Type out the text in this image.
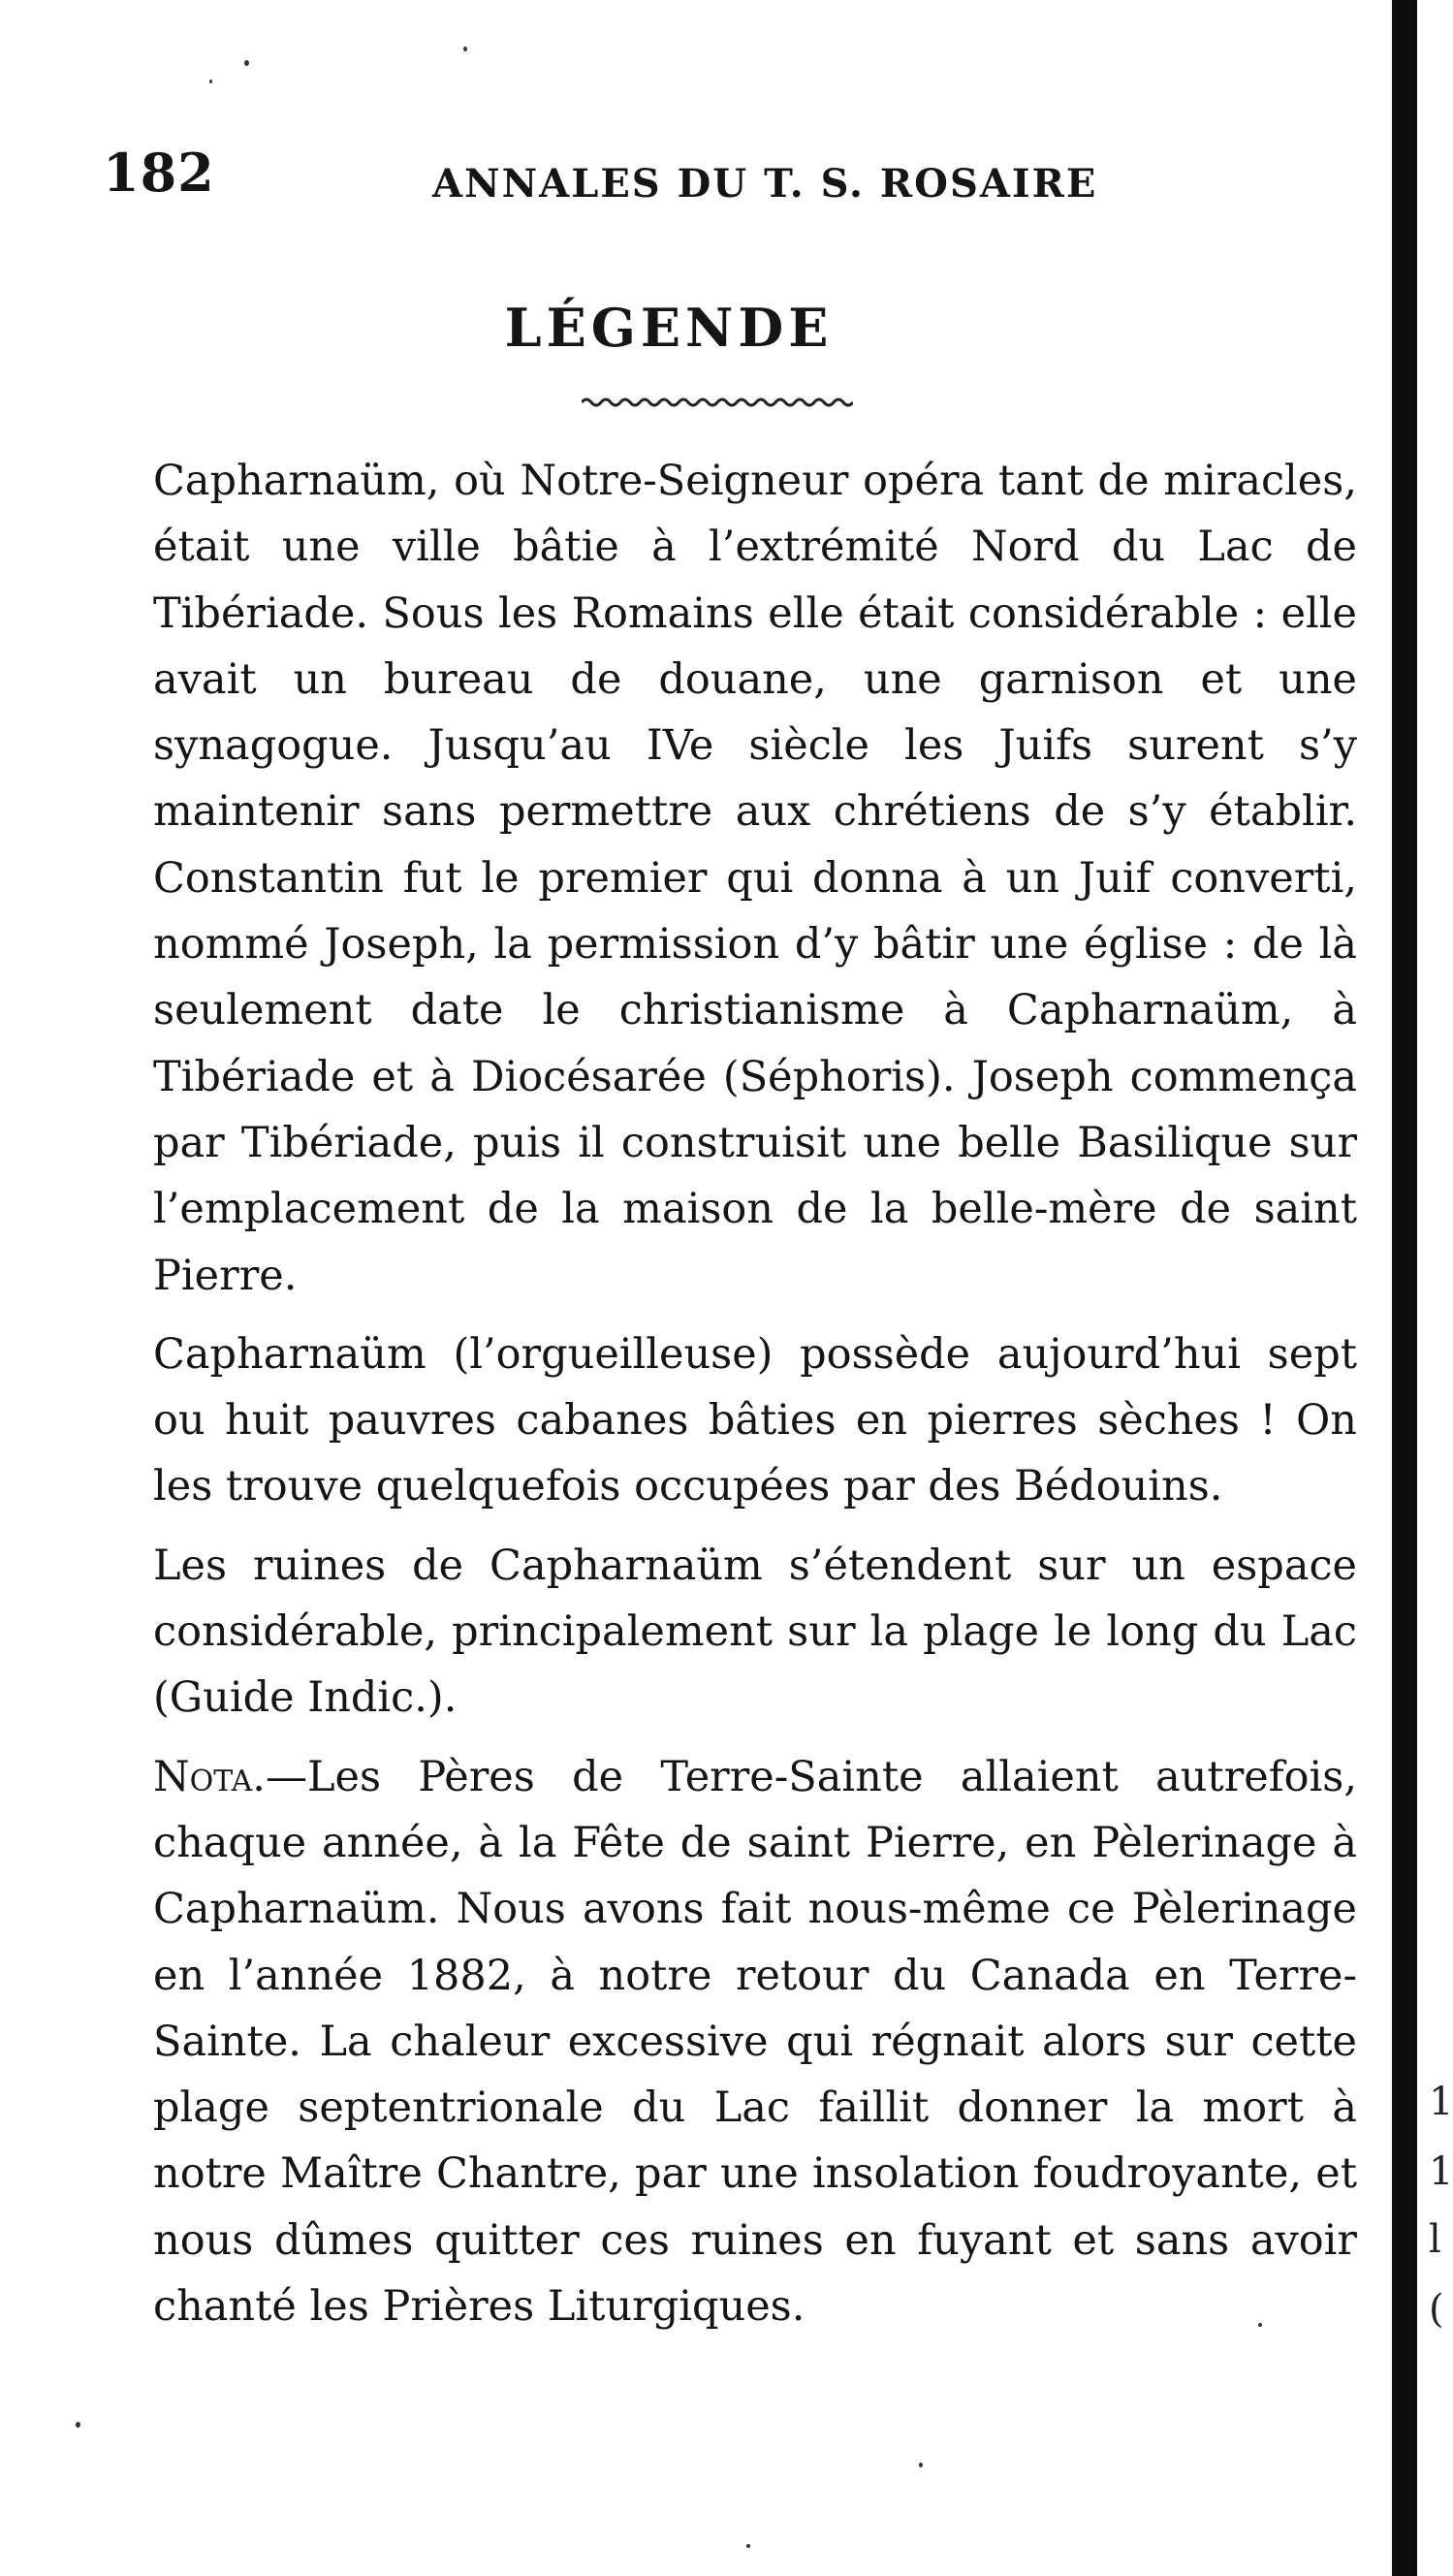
1
1
l
(
182	ANNALES DU T. S. ROSAIRE
LÉGENDE

Capharnaüm, où Notre-Seigneur opéra tant de miracles, était une ville bâtie à l’extrémité Nord du Lac de Tibériade. Sous les Romains elle était considérable : elle avait un bureau de douane, une garnison et une synagogue. Jusqu’au IVe siècle les Juifs surent s’y maintenir sans permettre aux chrétiens de s’y établir. Constantin fut le premier qui donna à un Juif converti, nommé Joseph, la permission d’y bâtir une église : de là seulement date le christianisme à Capharnaüm, à Tibériade et à Diocésarée (Séphoris). Joseph commença par Tibériade, puis il construisit une belle Basilique sur l’emplacement de la maison de la belle-mère de saint Pierre.

Capharnaüm (l’orgueilleuse) possède aujourd’hui sept ou huit pauvres cabanes bâties en pierres sèches ! On les trouve quelquefois occupées par des Bédouins.

Les ruines de Capharnaüm s’étendent sur un espace considérable, principalement sur la plage le long du Lac (Guide Indic.).

Nota.—Les Pères de Terre-Sainte allaient autrefois, chaque année, à la Fête de saint Pierre, en Pèlerinage à Capharnaüm. Nous avons fait nous-même ce Pèlerinage en l’année 1882, à notre retour du Canada en Terre-Sainte. La chaleur excessive qui régnait alors sur cette plage septentrionale du Lac faillit donner la mort à notre Maître Chantre, par une insolation foudroyante, et nous dûmes quitter ces ruines en fuyant et sans avoir chanté les Prières Liturgiques.
